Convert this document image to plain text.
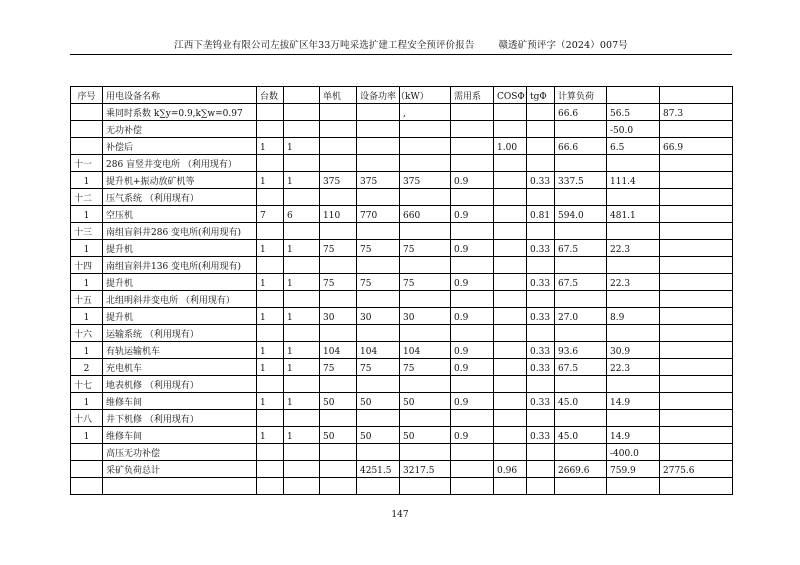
江西下垄钨业有限公司左拔矿区年33万吨采选扩建工程安全预评价报告	赣透矿预评字（2024）007号
序号	用电设备名称	台数		单机	设备功率（kW）		需用系	COSΦ	tgΦ	计算负荷		
	乘同时系数 k∑y=0.9,k∑w=0.97					,				66.6	56.5	87.3
	无功补偿										-50.0	
	补偿后	1	1					1.00		66.6	6.5	66.9
十一	286 盲竖井变电所 （利用现有）											
1	提升机+振动放矿机等	1	1	375	375	375	0.9		0.33	337.5	111.4	
十二	压气系统 （利用现有）											
1	空压机	7	6	110	770	660	0.9		0.81	594.0	481.1	
十三	南组盲斜井286 变电所(利用现有)											
1	提升机	1	1	75	75	75	0.9		0.33	67.5	22.3	
十四	南组盲斜井136 变电所(利用现有)											
1	提升机	1	1	75	75	75	0.9		0.33	67.5	22.3	
十五	北组明斜井变电所 （利用现有）											
1	提升机	1	1	30	30	30	0.9		0.33	27.0	8.9	
十六	运输系统 （利用现有）											
1	有轨运输机车	1	1	104	104	104	0.9		0.33	93.6	30.9	
2	充电机车	1	1	75	75	75	0.9		0.33	67.5	22.3	
十七	地表机修 （利用现有）											
1	维修车间	1	1	50	50	50	0.9		0.33	45.0	14.9	
十八	井下机修 （利用现有）											
1	维修车间	1	1	50	50	50	0.9		0.33	45.0	14.9	
	高压无功补偿										-400.0	
	采矿负荷总计				4251.5	3217.5		0.96		2669.6	759.9	2775.6

147
